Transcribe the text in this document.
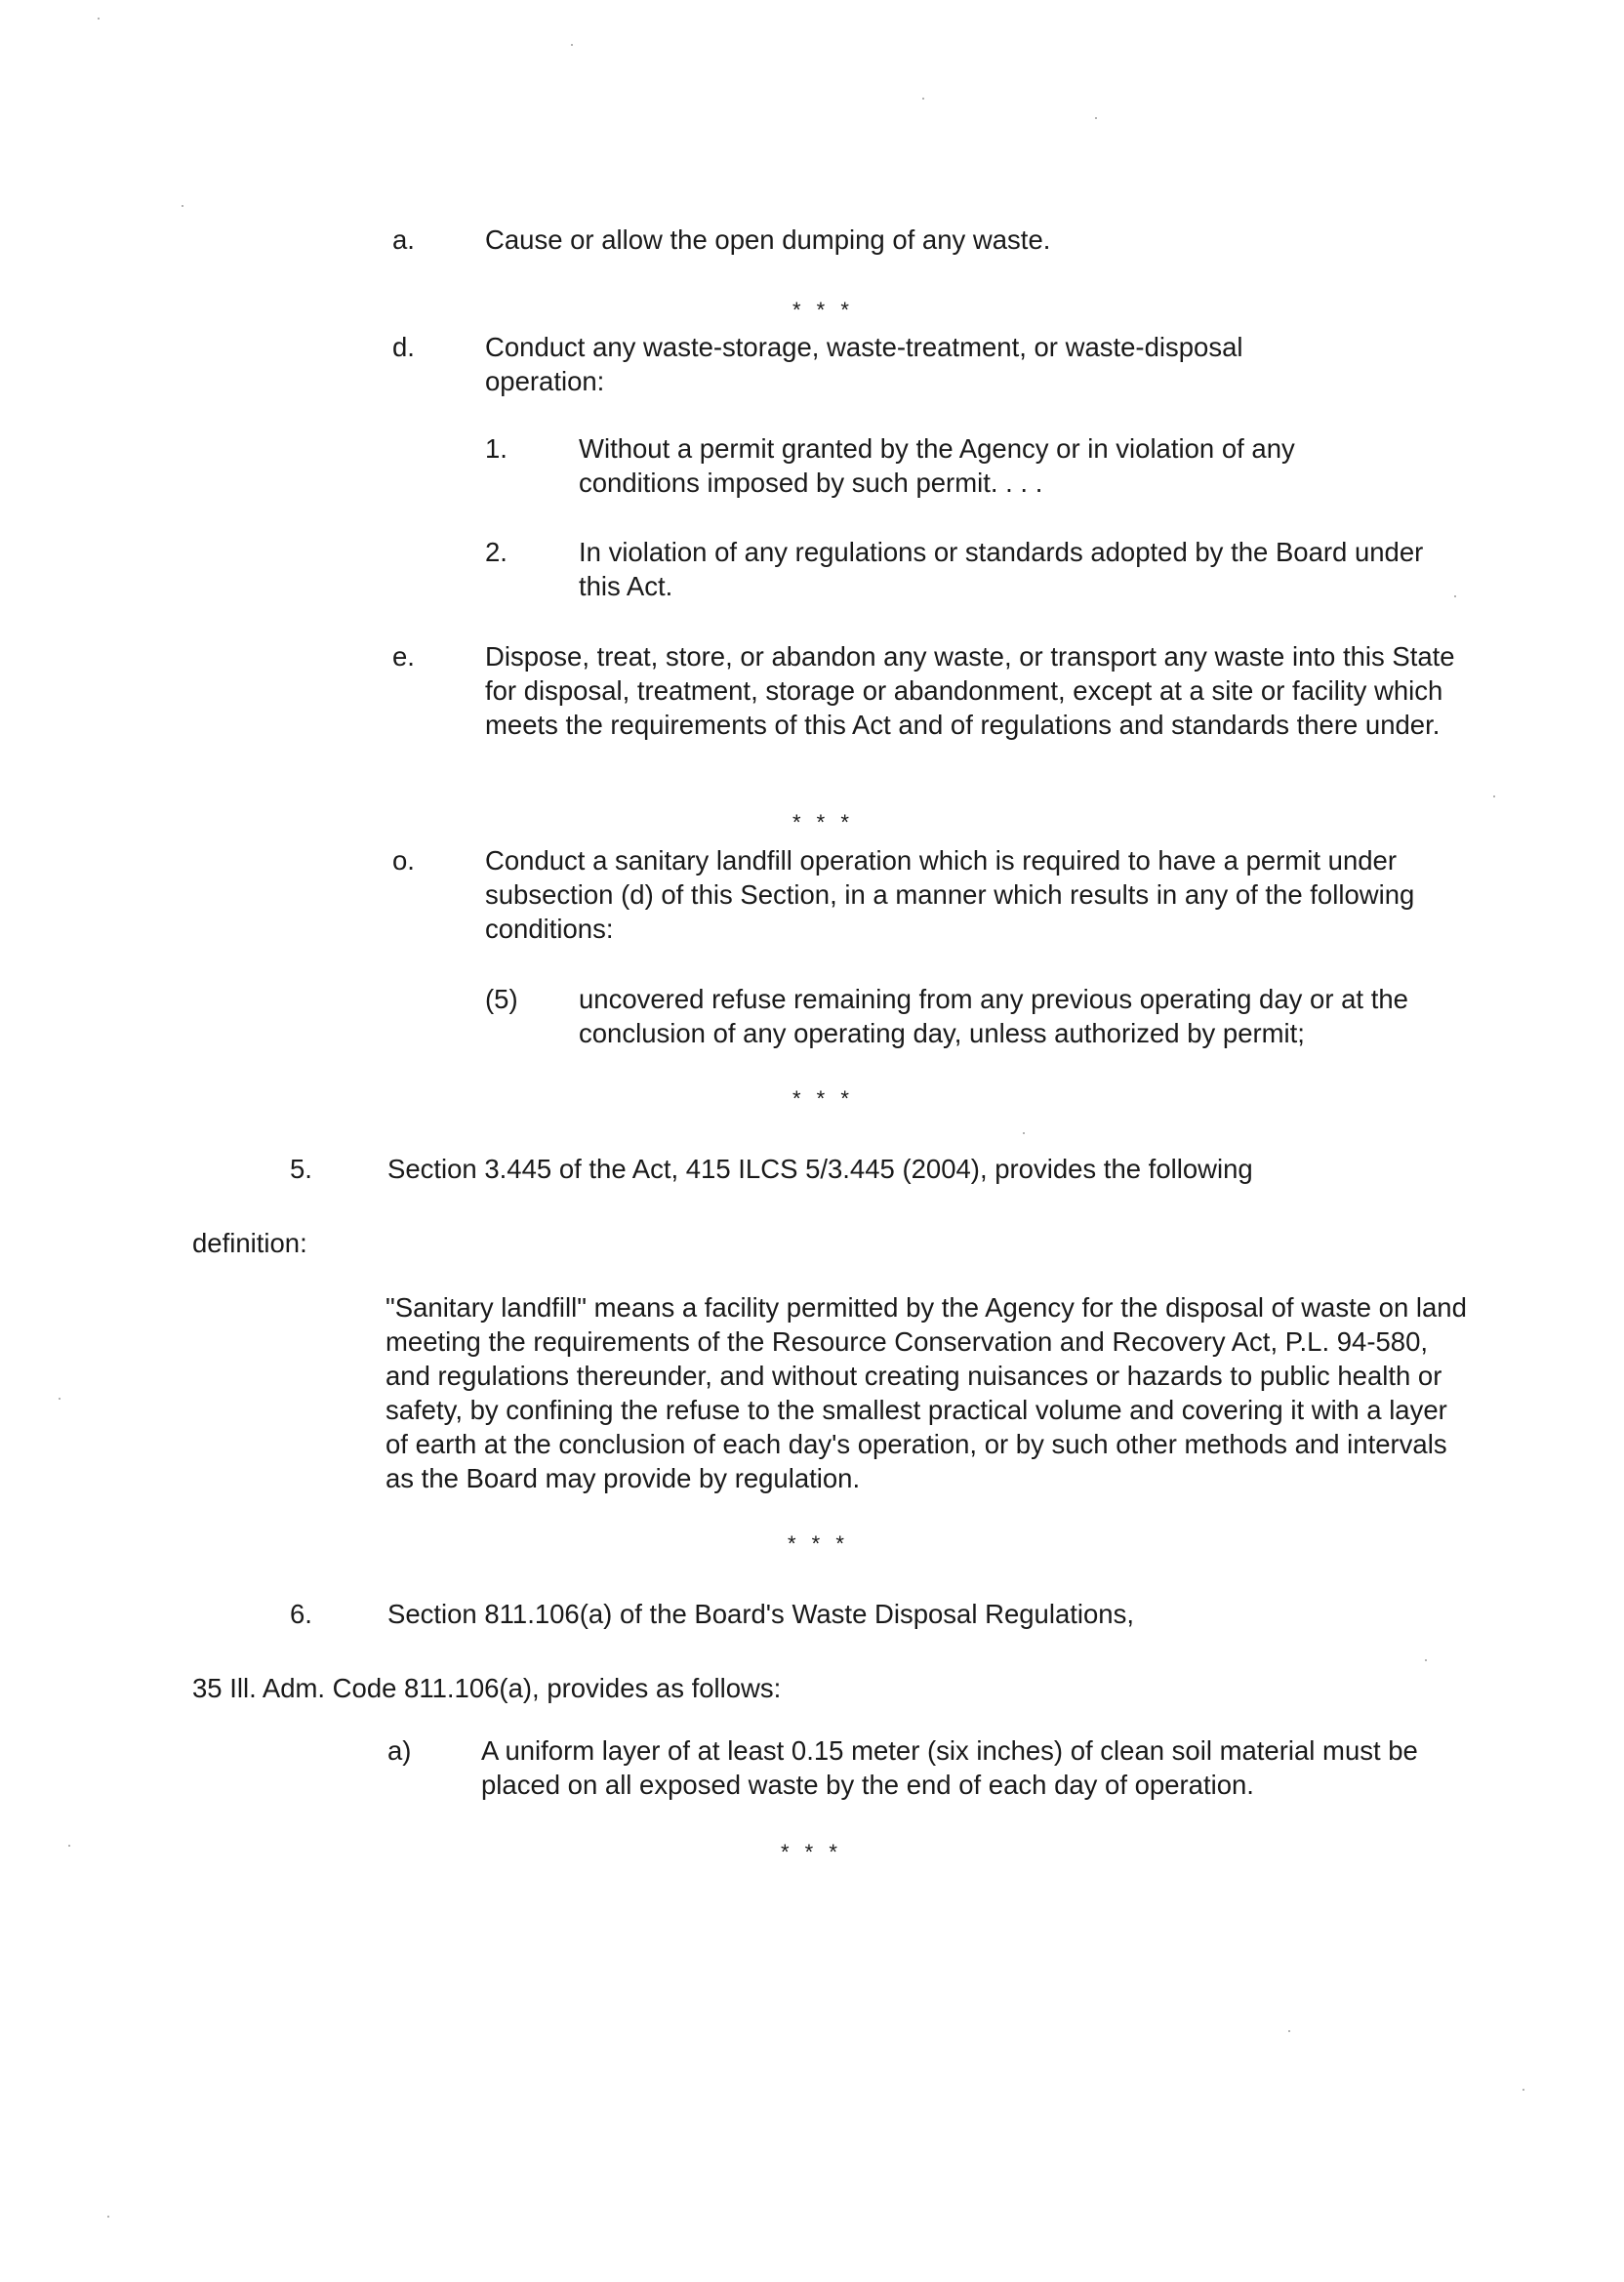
a.	Cause or allow the open dumping of any waste.
* * *
d.	Conduct any waste-storage, waste-treatment, or waste-disposal operation:
1.	Without a permit granted by the Agency or in violation of any conditions imposed by such permit. . . .
2.	In violation of any regulations or standards adopted by the Board under this Act.
e.	Dispose, treat, store, or abandon any waste, or transport any waste into this State for disposal, treatment, storage or abandonment, except at a site or facility which meets the requirements of this Act and of regulations and standards there under.
* * *
o.	Conduct a sanitary landfill operation which is required to have a permit under subsection (d) of this Section, in a manner which results in any of the following conditions:
(5) uncovered refuse remaining from any previous operating day or at the conclusion of any operating day, unless authorized by permit;
* * *
5.	Section 3.445 of the Act, 415 ILCS 5/3.445 (2004), provides the following
definition:
"Sanitary landfill" means a facility permitted by the Agency for the disposal of waste on land meeting the requirements of the Resource Conservation and Recovery Act, P.L. 94-580, and regulations thereunder, and without creating nuisances or hazards to public health or safety, by confining the refuse to the smallest practical volume and covering it with a layer of earth at the conclusion of each day's operation, or by such other methods and intervals as the Board may provide by regulation.
* * *
6.	Section 811.106(a) of the Board's Waste Disposal Regulations,
35 Ill. Adm. Code 811.106(a), provides as follows:
a)	A uniform layer of at least 0.15 meter (six inches) of clean soil material must be placed on all exposed waste by the end of each day of operation.
* * *
